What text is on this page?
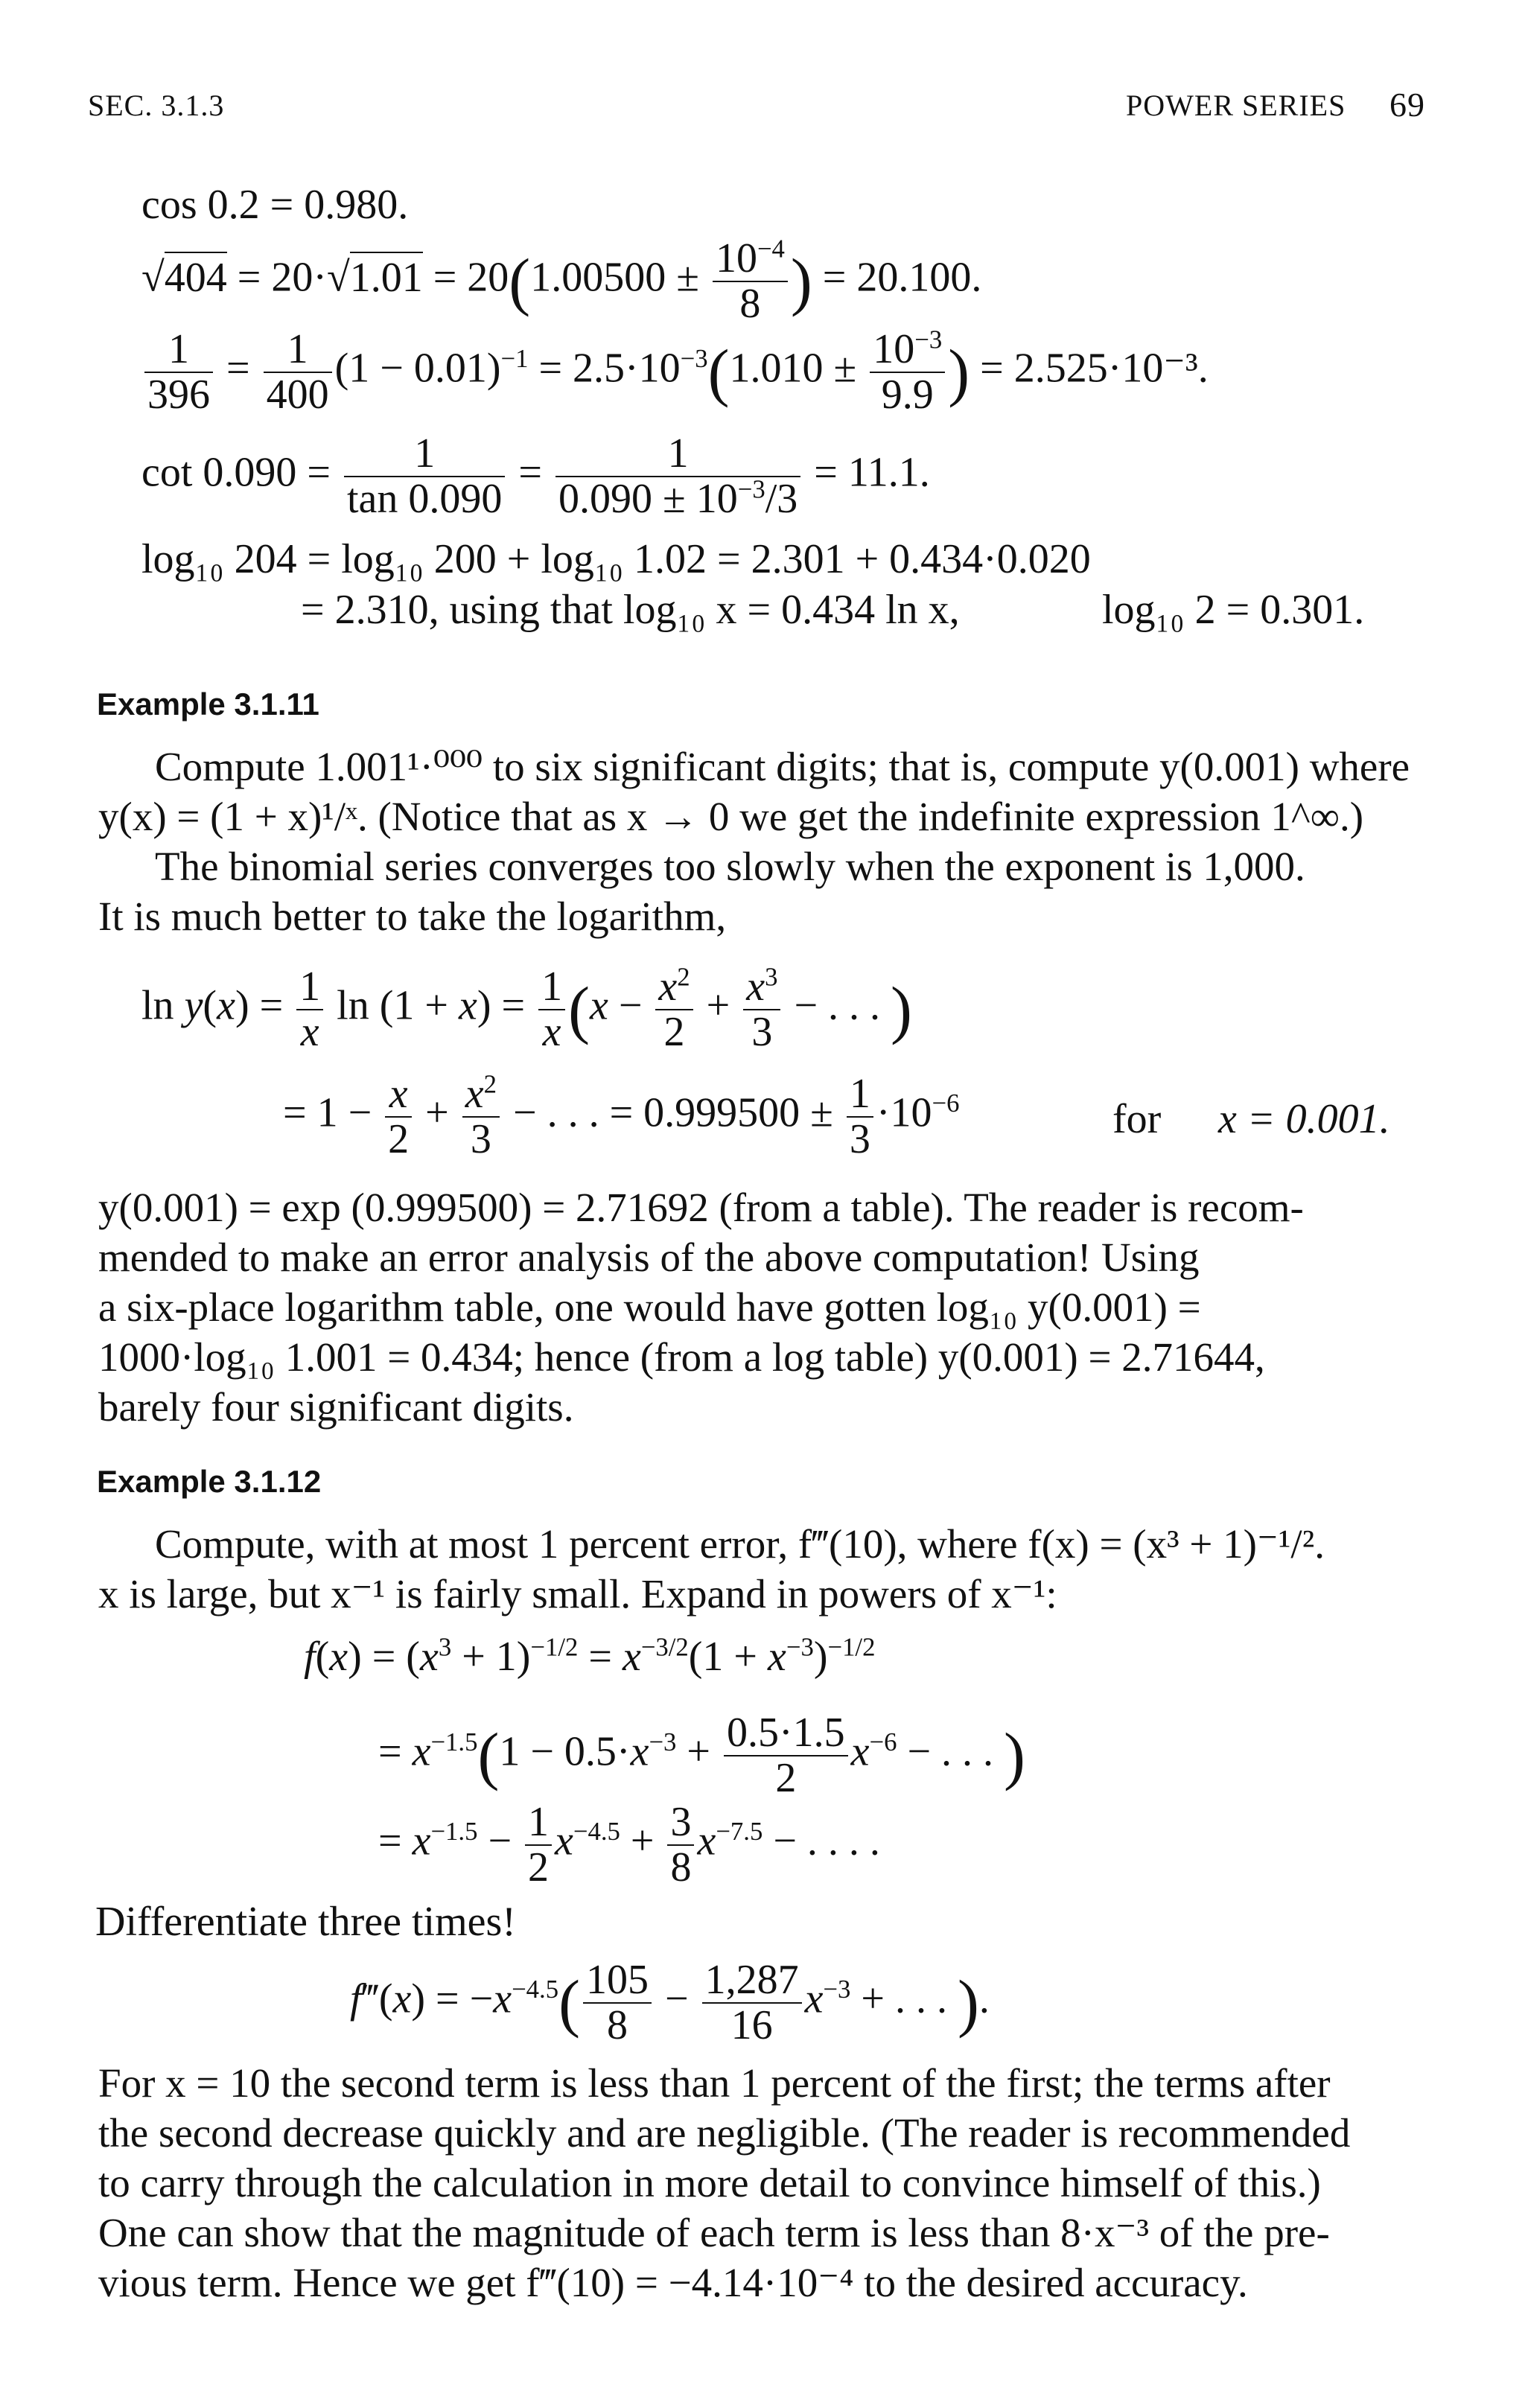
SEC. 3.1.3	POWER SERIES 69
cos 0.2 = 0.980.
$√404 = 20\cdot√1.01 = 20(1.00500 \pm \frac{10^{-4}}{8}$ ) = 20.100.
$\frac{1}{396} = \frac{1}{400} (1 - 0.01)^{-1} = 2.5\cdot 10^{-3}(1.010 \pm \frac{10^{-3}}{9.9}$ ) = 2.525·10⁻³.
$\cot 0.090 = \frac{1}{\tan 0.090} = \frac{1}{0.090 \pm 10^{-3}/3} = 11.1$.
log₁₀ 204 = log₁₀ 200 + log₁₀ 1.02 = 2.301 + 0.434·0.020
= 2.310, using that log₁₀ x = 0.434 ln x,	log₁₀ 2 = 0.301.
Example 3.1.11
Compute 1.001¹·⁰⁰⁰ to six significant digits; that is, compute y(0.001) where
y(x) = (1 + x)¹/ˣ. (Notice that as x → 0 we get the indefinite expression 1^∞.)
The binomial series converges too slowly when the exponent is 1,000.
It is much better to take the logarithm,
$\ln y(x) = \frac{1}{x}$ $\ln (1 + x) = \frac{1}{x} (x - \frac{x^2}{2} + \frac{x^3}{3}$ − . . . )
= $1 - \frac{x}{2} + \frac{x^2}{3}$ − . . . = $0.999500 \pm \frac{1}{3} \cdot 10^{-6}$	for x = 0.001.
y(0.001) = exp (0.999500) = 2.71692 (from a table). The reader is recom-
mended to make an error analysis of the above computation! Using
a six-place logarithm table, one would have gotten log₁₀ y(0.001) =
1000·log₁₀ 1.001 = 0.434; hence (from a log table) y(0.001) = 2.71644,
barely four significant digits.
Example 3.1.12
Compute, with at most 1 percent error, f‴(10), where f(x) = (x³ + 1)⁻¹/².
x is large, but x⁻¹ is fairly small. Expand in powers of x⁻¹:
$f(x) = (x^3 + 1)^{-1/2} = x^{-3/2}(1 + x^{-3})^{-1/2}$
= $x^{-1.5}(1 - 0.5\cdot x^{-3} + \frac{0.5\cdot 1.5}{2} x^{-6}$ − . . . )
= $x^{-1.5} - \frac{1}{2} x^{-4.5} + \frac{3}{8} x^{-7.5}$ − . . . .
Differentiate three times!
f‴(x) = $-x^{-4.5}( \frac{105}{8} - \frac{1,287}{16} x^{-3}$ + . . . ).
For x = 10 the second term is less than 1 percent of the first; the terms after
the second decrease quickly and are negligible. (The reader is recommended
to carry through the calculation in more detail to convince himself of this.)
One can show that the magnitude of each term is less than 8·x⁻³ of the pre-
vious term. Hence we get f‴(10) = −4.14·10⁻⁴ to the desired accuracy.
